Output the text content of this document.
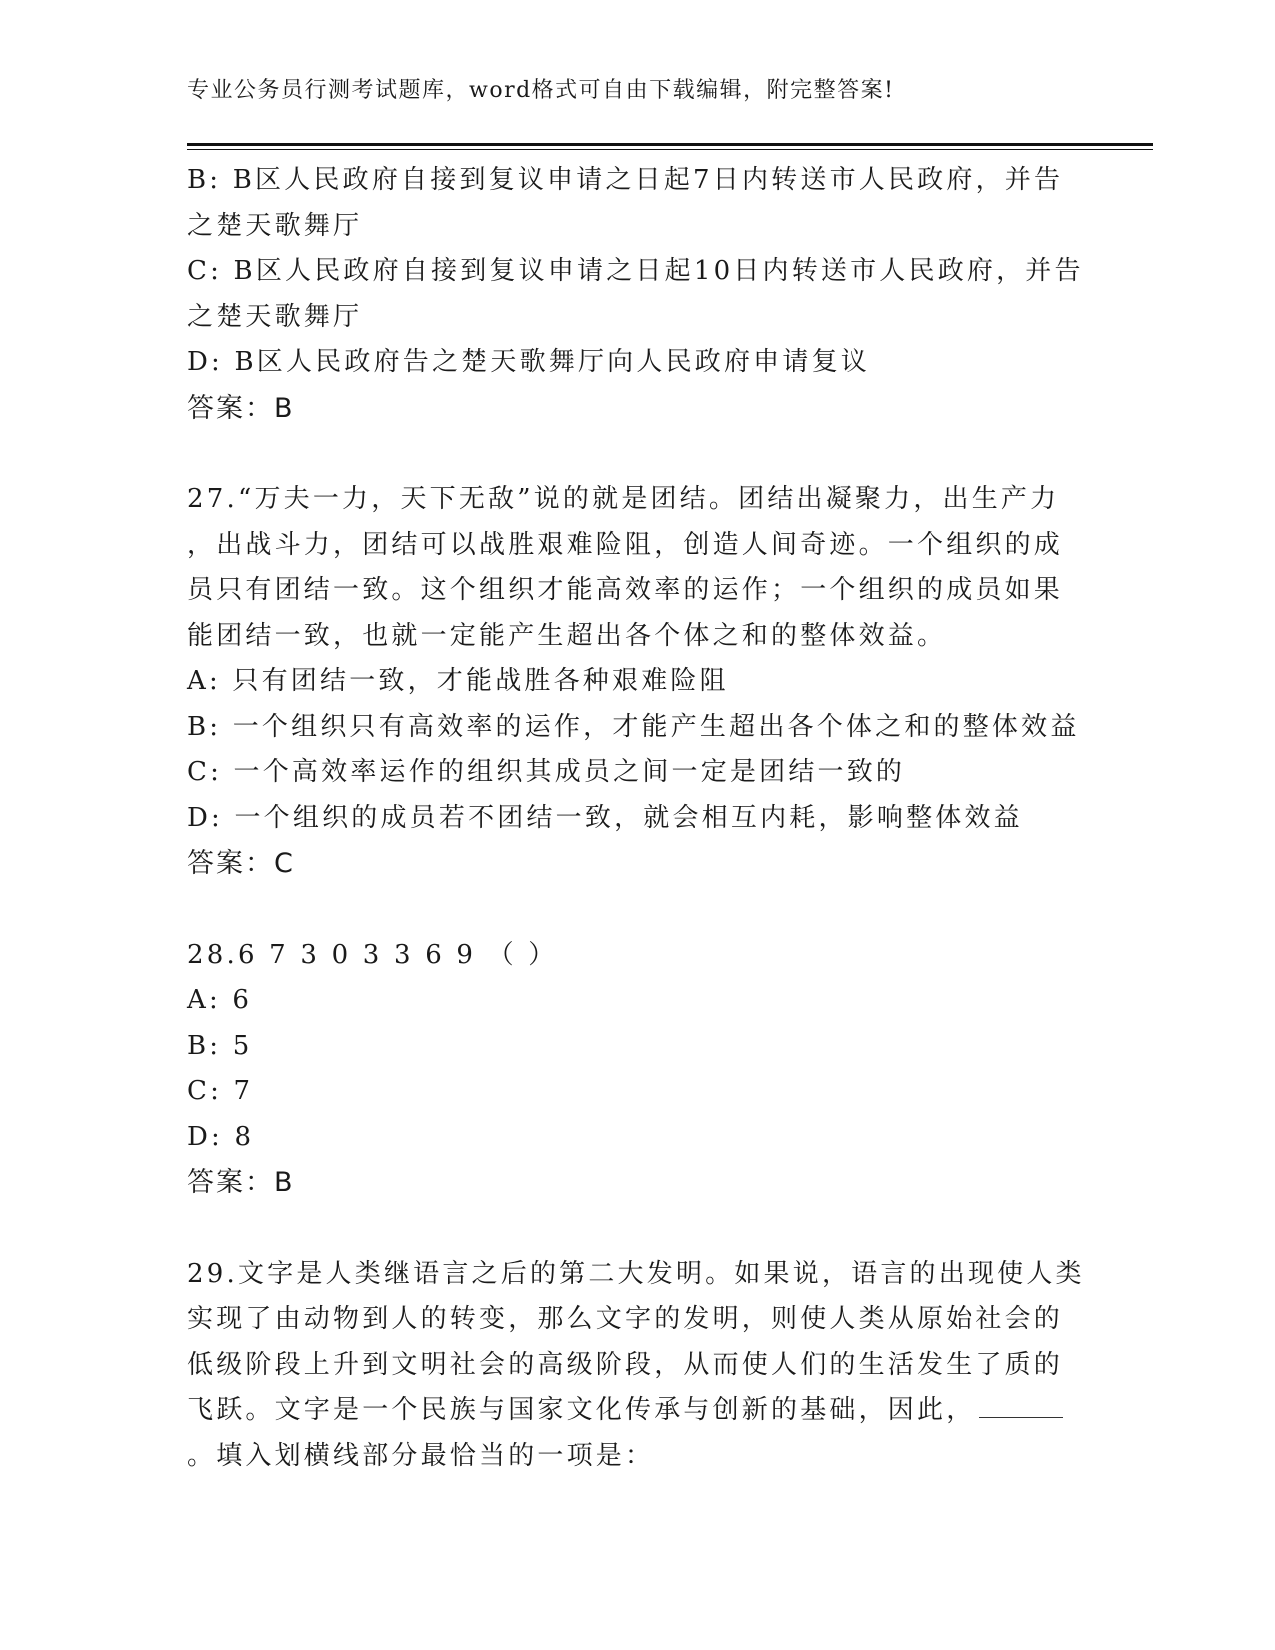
专业公务员行测考试题库，word格式可自由下载编辑，附完整答案!
B: B区人民政府自接到复议申请之日起7日内转送市人民政府，并告
之楚天歌舞厅
C: B区人民政府自接到复议申请之日起10日内转送市人民政府，并告
之楚天歌舞厅
D: B区人民政府告之楚天歌舞厅向人民政府申请复议
答案：B
27.“万夫一力，天下无敌”说的就是团结。团结出凝聚力，出生产力
，出战斗力，团结可以战胜艰难险阻，创造人间奇迹。一个组织的成
员只有团结一致。这个组织才能高效率的运作；一个组织的成员如果
能团结一致，也就一定能产生超出各个体之和的整体效益。
A: 只有团结一致，才能战胜各种艰难险阻
B: 一个组织只有高效率的运作，才能产生超出各个体之和的整体效益
C: 一个高效率运作的组织其成员之间一定是团结一致的
D: 一个组织的成员若不团结一致，就会相互内耗，影响整体效益
答案：C
28.6 7 3 0 3 3 6 9 （ ）
A: 6
B: 5
C: 7
D: 8
答案：B
29.文字是人类继语言之后的第二大发明。如果说，语言的出现使人类
实现了由动物到人的转变，那么文字的发明，则使人类从原始社会的
低级阶段上升到文明社会的高级阶段，从而使人们的生活发生了质的
飞跃。文字是一个民族与国家文化传承与创新的基础，因此，
。填入划横线部分最恰当的一项是：
